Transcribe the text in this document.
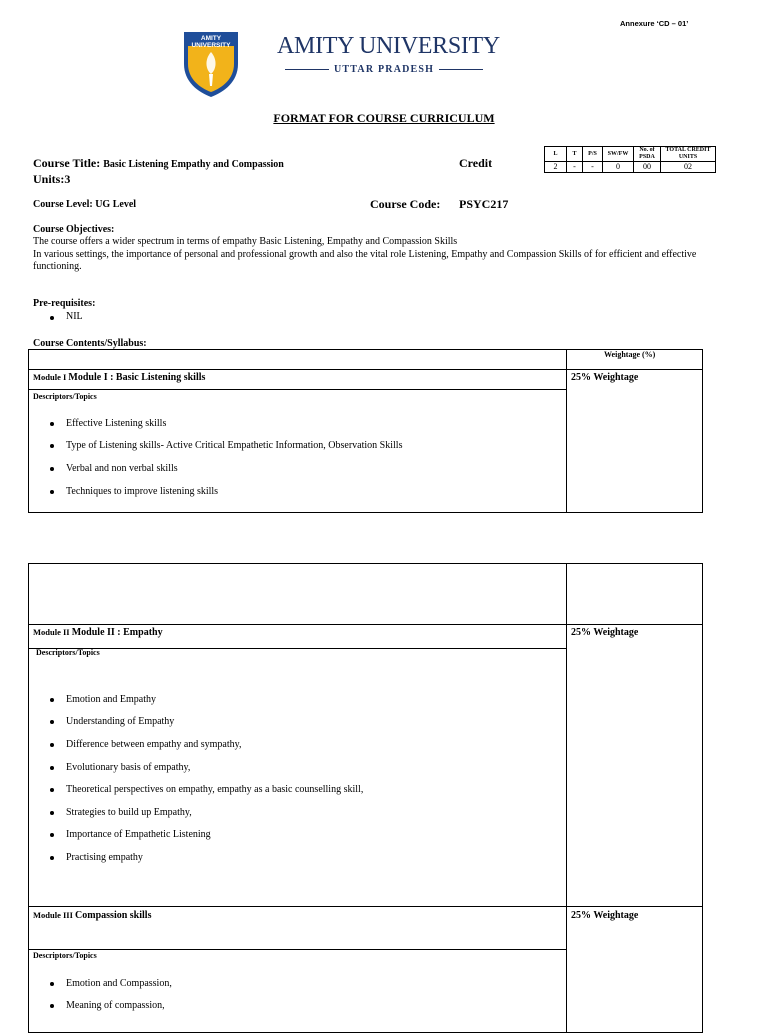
Annexure ‘CD – 01’
AMITY UNIVERSITY AMITY UNIVERSITY
UTTAR PRADESH
FORMAT FOR COURSE CURRICULUM
Course Title: Basic Listening Empathy and Compassion	Credit
Units:3
L	T	P/S	SW/FW	No. of PSDA	TOTAL CREDIT UNITS
2	-	-	0	00	02
Course Level: UG Level	Course Code: PSYC217
Course Objectives:
The course offers a wider spectrum in terms of empathy Basic Listening, Empathy and Compassion Skills
In various settings, the importance of personal and professional growth and also the vital role Listening, Empathy and Compassion Skills of for efficient and effective functioning.
Pre-requisites:
NIL
Course Contents/Syllabus:
Weightage (%)
Module I Module I : Basic Listening skills	25% Weightage
Descriptors/Topics
Effective Listening skills
Type of Listening skills- Active Critical Empathetic Information, Observation Skills
Verbal and non verbal skills
Techniques to improve listening skills
Module II Module II : Empathy	25% Weightage
Descriptors/Topics
Emotion and Empathy
Understanding of Empathy
Difference between empathy and sympathy,
Evolutionary basis of empathy,
Theoretical perspectives on empathy, empathy as a basic counselling skill,
Strategies to build up Empathy,
Importance of Empathetic Listening
Practising empathy
Module III Compassion skills	25% Weightage
Descriptors/Topics
Emotion and Compassion,
Meaning of compassion,
